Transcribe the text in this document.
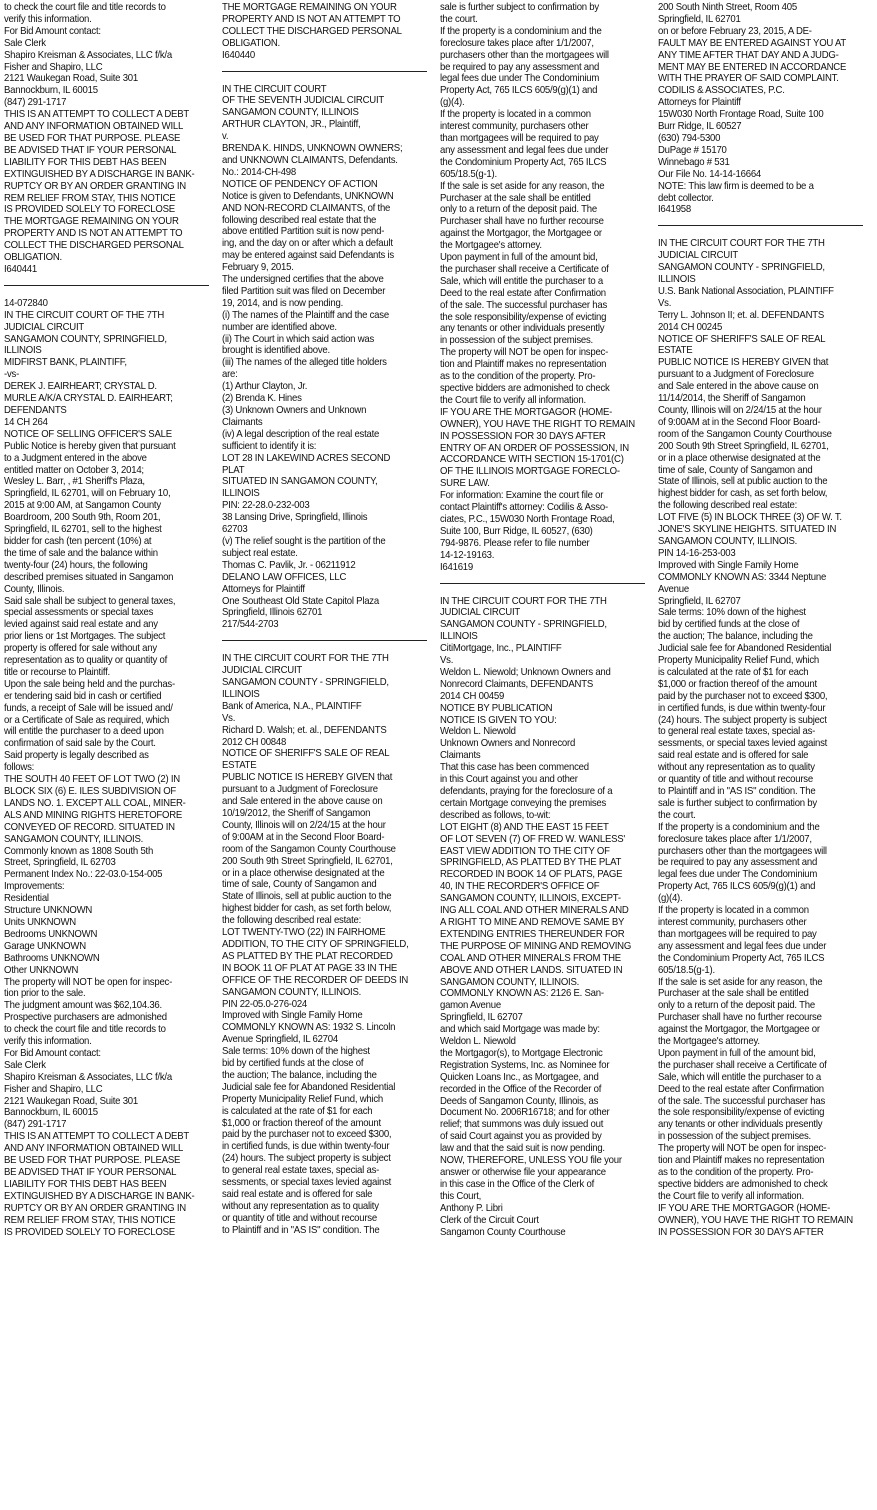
to check the court file and title records to
verify this information.
For Bid Amount contact:
Sale Clerk
Shapiro Kreisman & Associates, LLC f/k/a
Fisher and Shapiro, LLC
2121 Waukegan Road, Suite 301
Bannockburn, IL 60015
(847) 291-1717
THIS IS AN ATTEMPT TO COLLECT A DEBT
AND ANY INFORMATION OBTAINED WILL
BE USED FOR THAT PURPOSE. PLEASE
BE ADVISED THAT IF YOUR PERSONAL
LIABILITY FOR THIS DEBT HAS BEEN
EXTINGUISHED BY A DISCHARGE IN BANK-
RUPTCY OR BY AN ORDER GRANTING IN
REM RELIEF FROM STAY, THIS NOTICE
IS PROVIDED SOLELY TO FORECLOSE
THE MORTGAGE REMAINING ON YOUR
PROPERTY AND IS NOT AN ATTEMPT TO
COLLECT THE DISCHARGED PERSONAL
OBLIGATION.
I640441
14-072840
IN THE CIRCUIT COURT OF THE 7TH
JUDICIAL CIRCUIT
SANGAMON COUNTY, SPRINGFIELD,
ILLINOIS
MIDFIRST BANK, PLAINTIFF,
-vs-
DEREK J. EAIRHEART; CRYSTAL D.
MURLE A/K/A CRYSTAL D. EAIRHEART;
DEFENDANTS
14 CH 264
NOTICE OF SELLING OFFICER'S SALE
Public Notice is hereby given that pursuant
to a Judgment entered in the above
entitled matter on October 3, 2014;
Wesley L. Barr, , #1 Sheriff's Plaza,
Springfield, IL 62701, will on February 10,
2015 at 9:00 AM, at Sangamon County
Boardroom, 200 South 9th, Room 201,
Springfield, IL 62701, sell to the highest
bidder for cash (ten percent (10%) at
the time of sale and the balance within
twenty-four (24) hours, the following
described premises situated in Sangamon
County, Illinois.
Said sale shall be subject to general taxes,
special assessments or special taxes
levied against said real estate and any
prior liens or 1st Mortgages. The subject
property is offered for sale without any
representation as to quality or quantity of
title or recourse to Plaintiff.
Upon the sale being held and the purchas-
er tendering said bid in cash or certified
funds, a receipt of Sale will be issued and/
or a Certificate of Sale as required, which
will entitle the purchaser to a deed upon
confirmation of said sale by the Court.
Said property is legally described as
follows:
THE SOUTH 40 FEET OF LOT TWO (2) IN
BLOCK SIX (6) E. ILES SUBDIVISION OF
LANDS NO. 1. EXCEPT ALL COAL, MINER-
ALS AND MINING RIGHTS HERETOFORE
CONVEYED OF RECORD. SITUATED IN
SANGAMON COUNTY, ILLINOIS.
Commonly known as 1808 South 5th
Street, Springfield, IL 62703
Permanent Index No.: 22-03.0-154-005
Improvements:
Residential
Structure UNKNOWN
Units UNKNOWN
Bedrooms UNKNOWN
Garage UNKNOWN
Bathrooms UNKNOWN
Other UNKNOWN
The property will NOT be open for inspec-
tion prior to the sale.
The judgment amount was $62,104.36.
Prospective purchasers are admonished
to check the court file and title records to
verify this information.
For Bid Amount contact:
Sale Clerk
Shapiro Kreisman & Associates, LLC f/k/a
Fisher and Shapiro, LLC
2121 Waukegan Road, Suite 301
Bannockburn, IL 60015
(847) 291-1717
THIS IS AN ATTEMPT TO COLLECT A DEBT
AND ANY INFORMATION OBTAINED WILL
BE USED FOR THAT PURPOSE. PLEASE
BE ADVISED THAT IF YOUR PERSONAL
LIABILITY FOR THIS DEBT HAS BEEN
EXTINGUISHED BY A DISCHARGE IN BANK-
RUPTCY OR BY AN ORDER GRANTING IN
REM RELIEF FROM STAY, THIS NOTICE
IS PROVIDED SOLELY TO FORECLOSE
THE MORTGAGE REMAINING ON YOUR
PROPERTY AND IS NOT AN ATTEMPT TO
COLLECT THE DISCHARGED PERSONAL
OBLIGATION.
I640440
IN THE CIRCUIT COURT
OF THE SEVENTH JUDICIAL CIRCUIT
SANGAMON COUNTY, ILLINOIS
ARTHUR CLAYTON, JR., Plaintiff,
v.
BRENDA K. HINDS, UNKNOWN OWNERS;
and UNKNOWN CLAIMANTS, Defendants.
No.: 2014-CH-498
NOTICE OF PENDENCY OF ACTION
Notice is given to Defendants, UNKNOWN
AND NON-RECORD CLAIMANTS, of the
following described real estate that the
above entitled Partition suit is now pend-
ing, and the day on or after which a default
may be entered against said Defendants is
February 9, 2015.
The undersigned certifies that the above
filed Partition suit was filed on December
19, 2014, and is now pending.
(i) The names of the Plaintiff and the case
number are identified above.
(ii) The Court in which said action was
brought is identified above.
(iii) The names of the alleged title holders
are:
(1) Arthur Clayton, Jr.
(2) Brenda K. Hines
(3) Unknown Owners and Unknown
Claimants
(iv) A legal description of the real estate
sufficient to identify it is:
LOT 28 IN LAKEWIND ACRES SECOND
PLAT
SITUATED IN SANGAMON COUNTY,
ILLINOIS
PIN: 22-28.0-232-003
38 Lansing Drive, Springfield, Illinois
62703
(v) The relief sought is the partition of the
subject real estate.
Thomas C. Pavlik, Jr. - 06211912
DELANO LAW OFFICES, LLC
Attorneys for Plaintiff
One Southeast Old State Capitol Plaza
Springfield, Illinois 62701
217/544-2703
IN THE CIRCUIT COURT FOR THE 7TH
JUDICIAL CIRCUIT
SANGAMON COUNTY - SPRINGFIELD,
ILLINOIS
Bank of America, N.A., PLAINTIFF
Vs.
Richard D. Walsh; et. al., DEFENDANTS
2012 CH 00848
NOTICE OF SHERIFF'S SALE OF REAL
ESTATE
PUBLIC NOTICE IS HEREBY GIVEN that
pursuant to a Judgment of Foreclosure
and Sale entered in the above cause on
10/19/2012, the Sheriff of Sangamon
County, Illinois will on 2/24/15 at the hour
of 9:00AM at in the Second Floor Board-
room of the Sangamon County Courthouse
200 South 9th Street Springfield, IL 62701,
or in a place otherwise designated at the
time of sale, County of Sangamon and
State of Illinois, sell at public auction to the
highest bidder for cash, as set forth below,
the following described real estate:
LOT TWENTY-TWO (22) IN FAIRHOME
ADDITION, TO THE CITY OF SPRINGFIELD,
AS PLATTED BY THE PLAT RECORDED
IN BOOK 11 OF PLAT AT PAGE 33 IN THE
OFFICE OF THE RECORDER OF DEEDS IN
SANGAMON COUNTY, ILLINOIS.
PIN 22-05.0-276-024
Improved with Single Family Home
COMMONLY KNOWN AS: 1932 S. Lincoln
Avenue Springfield, IL 62704
Sale terms: 10% down of the highest
bid by certified funds at the close of
the auction; The balance, including the
Judicial sale fee for Abandoned Residential
Property Municipality Relief Fund, which
is calculated at the rate of $1 for each
$1,000 or fraction thereof of the amount
paid by the purchaser not to exceed $300,
in certified funds, is due within twenty-four
(24) hours. The subject property is subject
to general real estate taxes, special as-
sessments, or special taxes levied against
said real estate and is offered for sale
without any representation as to quality
or quantity of title and without recourse
to Plaintiff and in "AS IS" condition. The
sale is further subject to confirmation by
the court.
If the property is a condominium and the
foreclosure takes place after 1/1/2007,
purchasers other than the mortgagees will
be required to pay any assessment and
legal fees due under The Condominium
Property Act, 765 ILCS 605/9(g)(1) and
(g)(4).
If the property is located in a common
interest community, purchasers other
than mortgagees will be required to pay
any assessment and legal fees due under
the Condominium Property Act, 765 ILCS
605/18.5(g-1).
If the sale is set aside for any reason, the
Purchaser at the sale shall be entitled
only to a return of the deposit paid. The
Purchaser shall have no further recourse
against the Mortgagor, the Mortgagee or
the Mortgagee's attorney.
Upon payment in full of the amount bid,
the purchaser shall receive a Certificate of
Sale, which will entitle the purchaser to a
Deed to the real estate after Confirmation
of the sale. The successful purchaser has
the sole responsibility/expense of evicting
any tenants or other individuals presently
in possession of the subject premises.
The property will NOT be open for inspec-
tion and Plaintiff makes no representation
as to the condition of the property. Pro-
spective bidders are admonished to check
the Court file to verify all information.
IF YOU ARE THE MORTGAGOR (HOME-
OWNER), YOU HAVE THE RIGHT TO REMAIN
IN POSSESSION FOR 30 DAYS AFTER
ENTRY OF AN ORDER OF POSSESSION, IN
ACCORDANCE WITH SECTION 15-1701(C)
OF THE ILLINOIS MORTGAGE FORECLO-
SURE LAW.
For information: Examine the court file or
contact Plaintiff's attorney: Codilis & Asso-
ciates, P.C., 15W030 North Frontage Road,
Suite 100, Burr Ridge, IL 60527, (630)
794-9876. Please refer to file number
14-12-19163.
I641619
IN THE CIRCUIT COURT FOR THE 7TH
JUDICIAL CIRCUIT
SANGAMON COUNTY - SPRINGFIELD,
ILLINOIS
CitiMortgage, Inc., PLAINTIFF
Vs.
Weldon L. Niewold; Unknown Owners and
Nonrecord Claimants, DEFENDANTS
2014 CH 00459
NOTICE BY PUBLICATION
NOTICE IS GIVEN TO YOU:
Weldon L. Niewold
Unknown Owners and Nonrecord
Claimants
That this case has been commenced
in this Court against you and other
defendants, praying for the foreclosure of a
certain Mortgage conveying the premises
described as follows, to-wit:
LOT EIGHT (8) AND THE EAST 15 FEET
OF LOT SEVEN (7) OF FRED W. WANLESS'
EAST VIEW ADDITION TO THE CITY OF
SPRINGFIELD, AS PLATTED BY THE PLAT
RECORDED IN BOOK 14 OF PLATS, PAGE
40, IN THE RECORDER'S OFFICE OF
SANGAMON COUNTY, ILLINOIS, EXCEPT-
ING ALL COAL AND OTHER MINERALS AND
A RIGHT TO MINE AND REMOVE SAME BY
EXTENDING ENTRIES THEREUNDER FOR
THE PURPOSE OF MINING AND REMOVING
COAL AND OTHER MINERALS FROM THE
ABOVE AND OTHER LANDS. SITUATED IN
SANGAMON COUNTY, ILLINOIS.
COMMONLY KNOWN AS: 2126 E. San-
gamon Avenue
Springfield, IL 62707
and which said Mortgage was made by:
Weldon L. Niewold
the Mortgagor(s), to Mortgage Electronic
Registration Systems, Inc. as Nominee for
Quicken Loans Inc., as Mortgagee, and
recorded in the Office of the Recorder of
Deeds of Sangamon County, Illinois, as
Document No. 2006R16718; and for other
relief; that summons was duly issued out
of said Court against you as provided by
law and that the said suit is now pending.
NOW, THEREFORE, UNLESS YOU file your
answer or otherwise file your appearance
in this case in the Office of the Clerk of
this Court,
Anthony P. Libri
Clerk of the Circuit Court
Sangamon County Courthouse
200 South Ninth Street, Room 405
Springfield, IL 62701
on or before February 23, 2015, A DE-
FAULT MAY BE ENTERED AGAINST YOU AT
ANY TIME AFTER THAT DAY AND A JUDG-
MENT MAY BE ENTERED IN ACCORDANCE
WITH THE PRAYER OF SAID COMPLAINT.
CODILIS & ASSOCIATES, P.C.
Attorneys for Plaintiff
15W030 North Frontage Road, Suite 100
Burr Ridge, IL 60527
(630) 794-5300
DuPage # 15170
Winnebago # 531
Our File No. 14-14-16664
NOTE: This law firm is deemed to be a
debt collector.
I641958
IN THE CIRCUIT COURT FOR THE 7TH
JUDICIAL CIRCUIT
SANGAMON COUNTY - SPRINGFIELD,
ILLINOIS
U.S. Bank National Association, PLAINTIFF
Vs.
Terry L. Johnson II; et. al. DEFENDANTS
2014 CH 00245
NOTICE OF SHERIFF'S SALE OF REAL
ESTATE
PUBLIC NOTICE IS HEREBY GIVEN that
pursuant to a Judgment of Foreclosure
and Sale entered in the above cause on
11/14/2014, the Sheriff of Sangamon
County, Illinois will on 2/24/15 at the hour
of 9:00AM at in the Second Floor Board-
room of the Sangamon County Courthouse
200 South 9th Street Springfield, IL 62701,
or in a place otherwise designated at the
time of sale, County of Sangamon and
State of Illinois, sell at public auction to the
highest bidder for cash, as set forth below,
the following described real estate:
LOT FIVE (5) IN BLOCK THREE (3) OF W. T.
JONE'S SKYLINE HEIGHTS. SITUATED IN
SANGAMON COUNTY, ILLINOIS.
PIN 14-16-253-003
Improved with Single Family Home
COMMONLY KNOWN AS: 3344 Neptune
Avenue
Springfield, IL 62707
Sale terms: 10% down of the highest
bid by certified funds at the close of
the auction; The balance, including the
Judicial sale fee for Abandoned Residential
Property Municipality Relief Fund, which
is calculated at the rate of $1 for each
$1,000 or fraction thereof of the amount
paid by the purchaser not to exceed $300,
in certified funds, is due within twenty-four
(24) hours. The subject property is subject
to general real estate taxes, special as-
sessments, or special taxes levied against
said real estate and is offered for sale
without any representation as to quality
or quantity of title and without recourse
to Plaintiff and in "AS IS" condition. The
sale is further subject to confirmation by
the court.
If the property is a condominium and the
foreclosure takes place after 1/1/2007,
purchasers other than the mortgagees will
be required to pay any assessment and
legal fees due under The Condominium
Property Act, 765 ILCS 605/9(g)(1) and
(g)(4).
If the property is located in a common
interest community, purchasers other
than mortgagees will be required to pay
any assessment and legal fees due under
the Condominium Property Act, 765 ILCS
605/18.5(g-1).
If the sale is set aside for any reason, the
Purchaser at the sale shall be entitled
only to a return of the deposit paid. The
Purchaser shall have no further recourse
against the Mortgagor, the Mortgagee or
the Mortgagee's attorney.
Upon payment in full of the amount bid,
the purchaser shall receive a Certificate of
Sale, which will entitle the purchaser to a
Deed to the real estate after Confirmation
of the sale. The successful purchaser has
the sole responsibility/expense of evicting
any tenants or other individuals presently
in possession of the subject premises.
The property will NOT be open for inspec-
tion and Plaintiff makes no representation
as to the condition of the property. Pro-
spective bidders are admonished to check
the Court file to verify all information.
IF YOU ARE THE MORTGAGOR (HOME-
OWNER), YOU HAVE THE RIGHT TO REMAIN
IN POSSESSION FOR 30 DAYS AFTER
